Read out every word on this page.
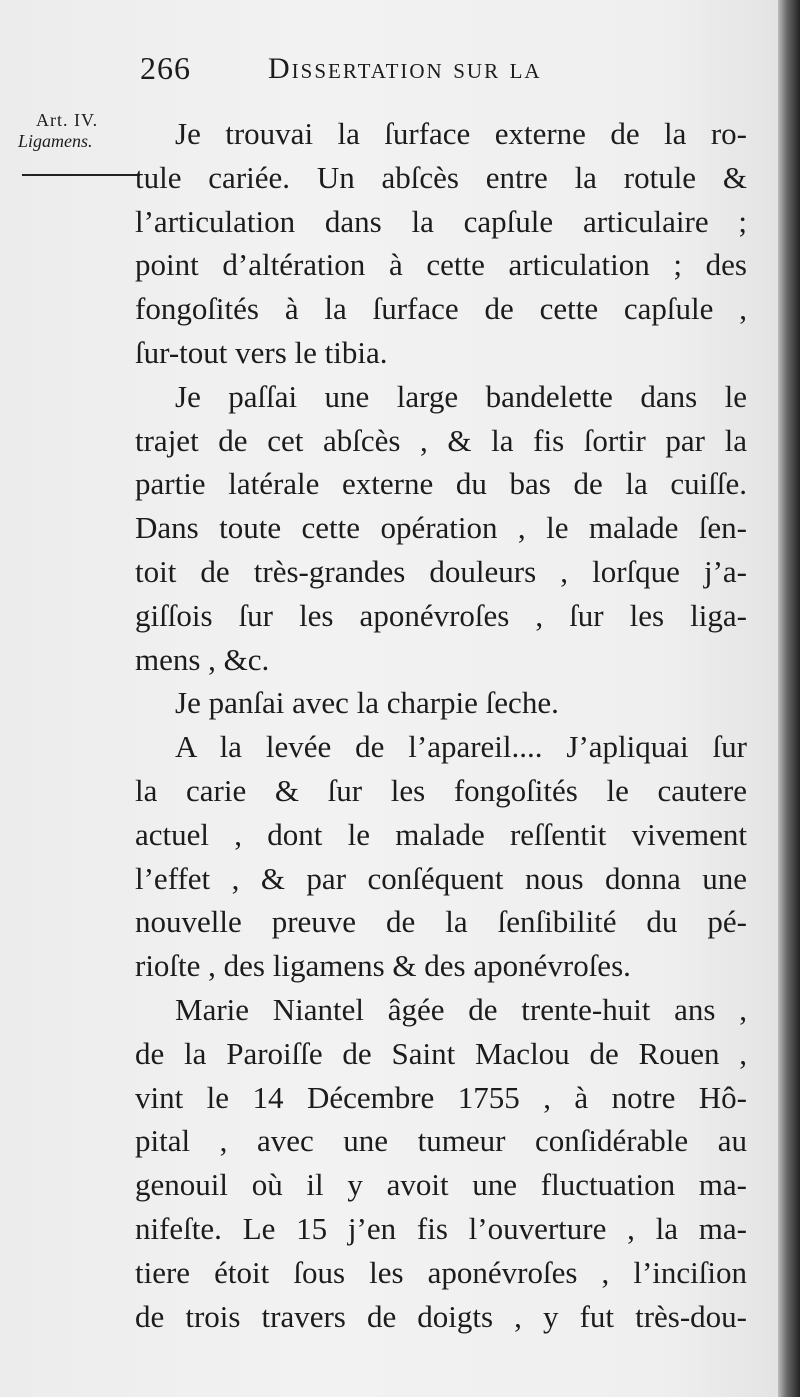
266	Dissertation sur la
Art. IV.
Ligamens.	Je trouvai la ſurface externe de la ro-
tule cariée. Un abſcès entre la rotule &
l’articulation dans la capſule articulaire ;
point d’altération à cette articulation ; des
fongoſités à la ſurface de cette capſule ,
ſur-tout vers le tibia.
Je paſſai une large bandelette dans le
trajet de cet abſcès , & la fis ſortir par la
partie latérale externe du bas de la cuiſſe.
Dans toute cette opération , le malade ſen-
toit de très-grandes douleurs , lorſque j’a-
giſſois ſur les aponévroſes , ſur les liga-
mens , &c.
Je panſai avec la charpie ſeche.
A la levée de l’apareil.... J’apliquai ſur
la carie & ſur les fongoſités le cautere
actuel , dont le malade reſſentit vivement
l’effet , & par conſéquent nous donna une
nouvelle preuve de la ſenſibilité du pé-
rioſte , des ligamens & des aponévroſes.
Marie Niantel âgée de trente-huit ans ,
de la Paroiſſe de Saint Maclou de Rouen ,
vint le 14 Décembre 1755 , à notre Hô-
pital , avec une tumeur conſidérable au
genouil où il y avoit une fluctuation ma-
nifeſte. Le 15 j’en fis l’ouverture , la ma-
tiere étoit ſous les aponévroſes , l’inciſion
de trois travers de doigts , y fut très-dou-
